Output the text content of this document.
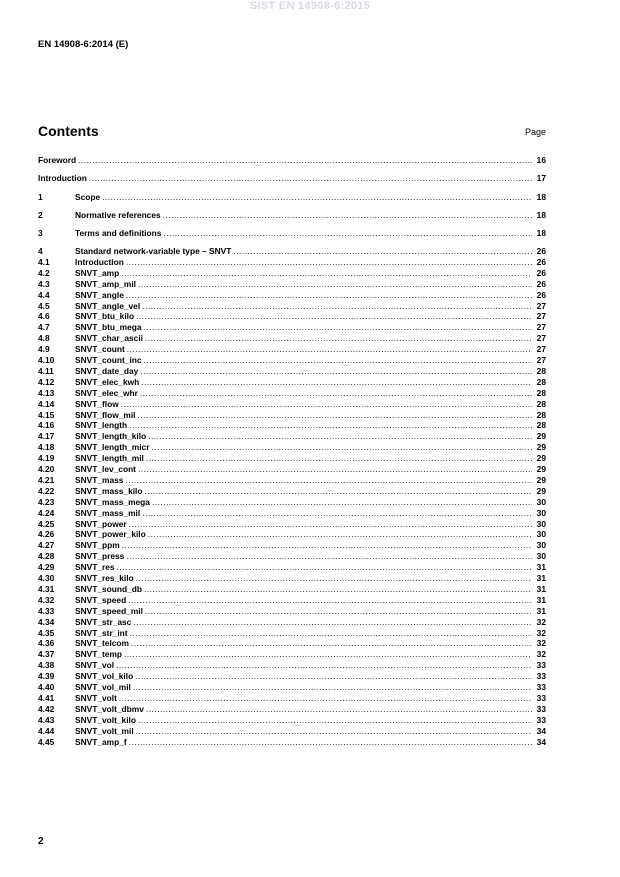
SIST EN 14908-6:2015
EN 14908-6:2014 (E)
Contents	Page
Foreword .....	16
Introduction .....	17
1	Scope .....	18
2	Normative references .....	18
3	Terms and definitions .....	18
4	Standard network-variable type – SNVT .....	26
4.1	Introduction .....	26
4.2	SNVT_amp .....	26
4.3	SNVT_amp_mil .....	26
4.4	SNVT_angle .....	26
4.5	SNVT_angle_vel .....	27
4.6	SNVT_btu_kilo .....	27
4.7	SNVT_btu_mega .....	27
4.8	SNVT_char_ascii .....	27
4.9	SNVT_count .....	27
4.10	SNVT_count_inc .....	27
4.11	SNVT_date_day .....	28
4.12	SNVT_elec_kwh .....	28
4.13	SNVT_elec_whr .....	28
4.14	SNVT_flow .....	28
4.15	SNVT_flow_mil .....	28
4.16	SNVT_length .....	28
4.17	SNVT_length_kilo .....	29
4.18	SNVT_length_micr .....	29
4.19	SNVT_length_mil .....	29
4.20	SNVT_lev_cont .....	29
4.21	SNVT_mass .....	29
4.22	SNVT_mass_kilo .....	29
4.23	SNVT_mass_mega .....	30
4.24	SNVT_mass_mil .....	30
4.25	SNVT_power .....	30
4.26	SNVT_power_kilo .....	30
4.27	SNVT_ppm .....	30
4.28	SNVT_press .....	30
4.29	SNVT_res .....	31
4.30	SNVT_res_kilo .....	31
4.31	SNVT_sound_db .....	31
4.32	SNVT_speed .....	31
4.33	SNVT_speed_mil .....	31
4.34	SNVT_str_asc .....	32
4.35	SNVT_str_int .....	32
4.36	SNVT_telcom .....	32
4.37	SNVT_temp .....	32
4.38	SNVT_vol .....	33
4.39	SNVT_vol_kilo .....	33
4.40	SNVT_vol_mil .....	33
4.41	SNVT_volt .....	33
4.42	SNVT_volt_dbmv .....	33
4.43	SNVT_volt_kilo .....	33
4.44	SNVT_volt_mil .....	34
4.45	SNVT_amp_f .....	34
2
